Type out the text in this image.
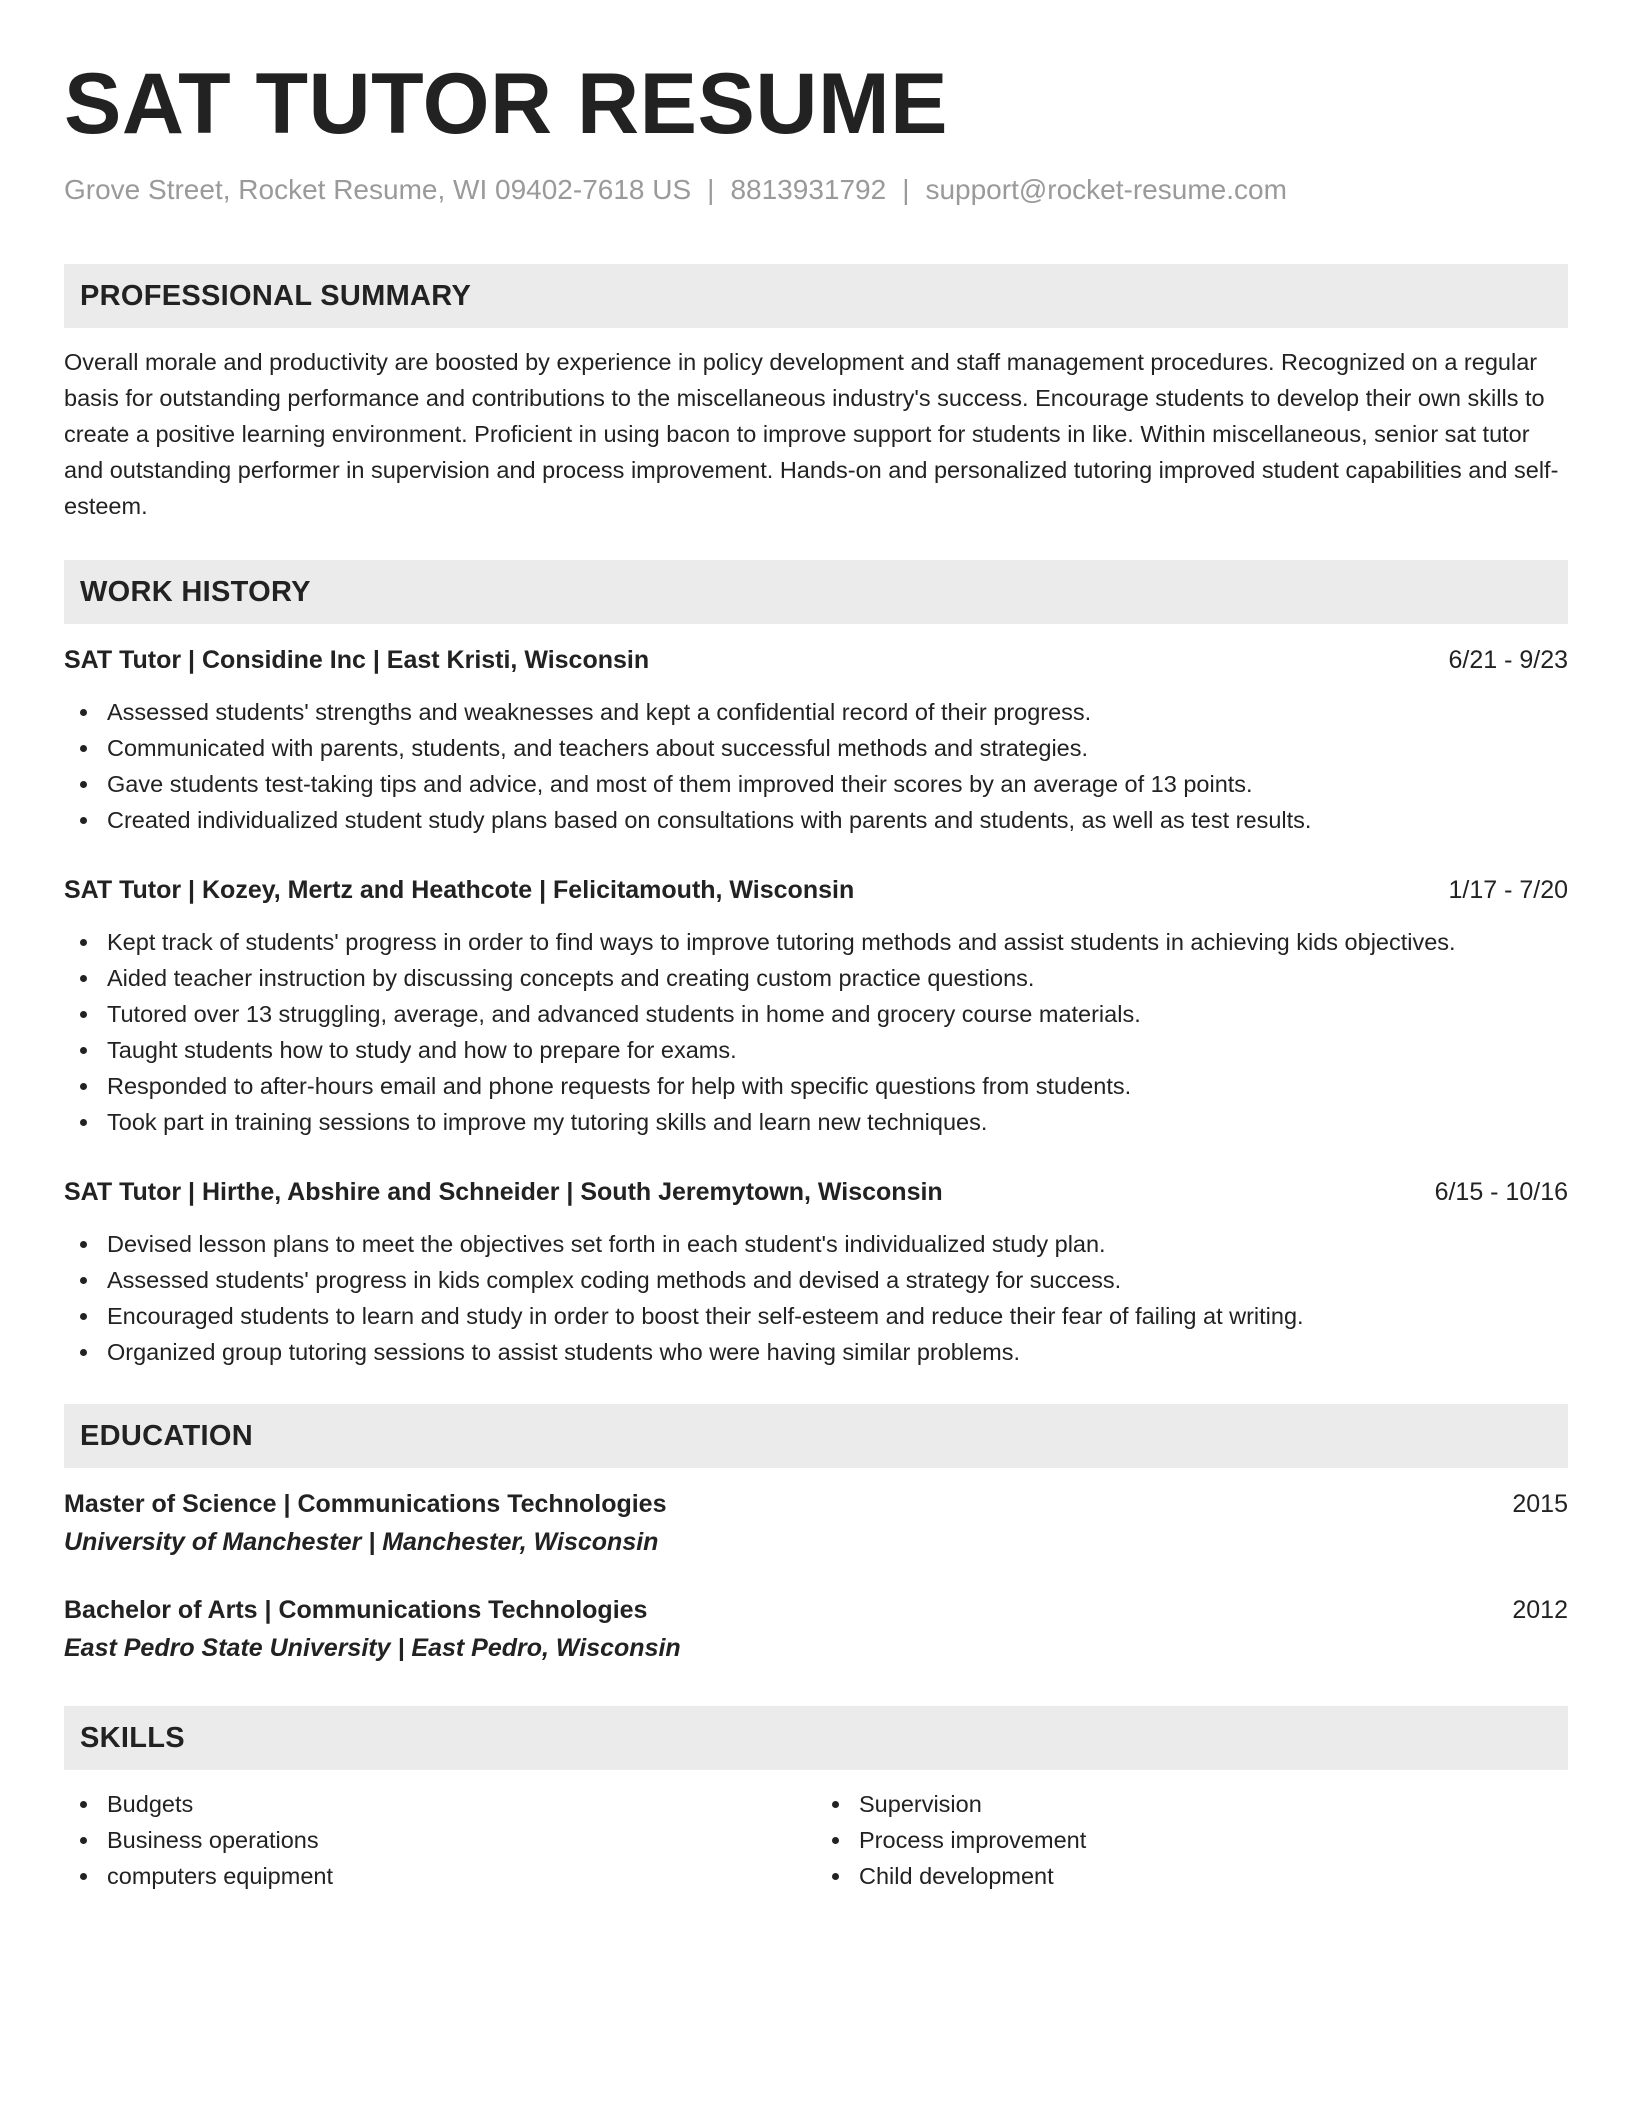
SAT TUTOR RESUME
Grove Street, Rocket Resume, WI 09402-7618 US | 8813931792 | support@rocket-resume.com
PROFESSIONAL SUMMARY
Overall morale and productivity are boosted by experience in policy development and staff management procedures. Recognized on a regular basis for outstanding performance and contributions to the miscellaneous industry's success. Encourage students to develop their own skills to create a positive learning environment. Proficient in using bacon to improve support for students in like. Within miscellaneous, senior sat tutor and outstanding performer in supervision and process improvement. Hands-on and personalized tutoring improved student capabilities and self-esteem.
WORK HISTORY
SAT Tutor | Considine Inc | East Kristi, Wisconsin	6/21 - 9/23
Assessed students' strengths and weaknesses and kept a confidential record of their progress.
Communicated with parents, students, and teachers about successful methods and strategies.
Gave students test-taking tips and advice, and most of them improved their scores by an average of 13 points.
Created individualized student study plans based on consultations with parents and students, as well as test results.
SAT Tutor | Kozey, Mertz and Heathcote | Felicitamouth, Wisconsin	1/17 - 7/20
Kept track of students' progress in order to find ways to improve tutoring methods and assist students in achieving kids objectives.
Aided teacher instruction by discussing concepts and creating custom practice questions.
Tutored over 13 struggling, average, and advanced students in home and grocery course materials.
Taught students how to study and how to prepare for exams.
Responded to after-hours email and phone requests for help with specific questions from students.
Took part in training sessions to improve my tutoring skills and learn new techniques.
SAT Tutor | Hirthe, Abshire and Schneider | South Jeremytown, Wisconsin	6/15 - 10/16
Devised lesson plans to meet the objectives set forth in each student's individualized study plan.
Assessed students' progress in kids complex coding methods and devised a strategy for success.
Encouraged students to learn and study in order to boost their self-esteem and reduce their fear of failing at writing.
Organized group tutoring sessions to assist students who were having similar problems.
EDUCATION
Master of Science | Communications Technologies	2015
University of Manchester | Manchester, Wisconsin
Bachelor of Arts | Communications Technologies	2012
East Pedro State University | East Pedro, Wisconsin
SKILLS
Budgets
Business operations
computers equipment
Supervision
Process improvement
Child development
